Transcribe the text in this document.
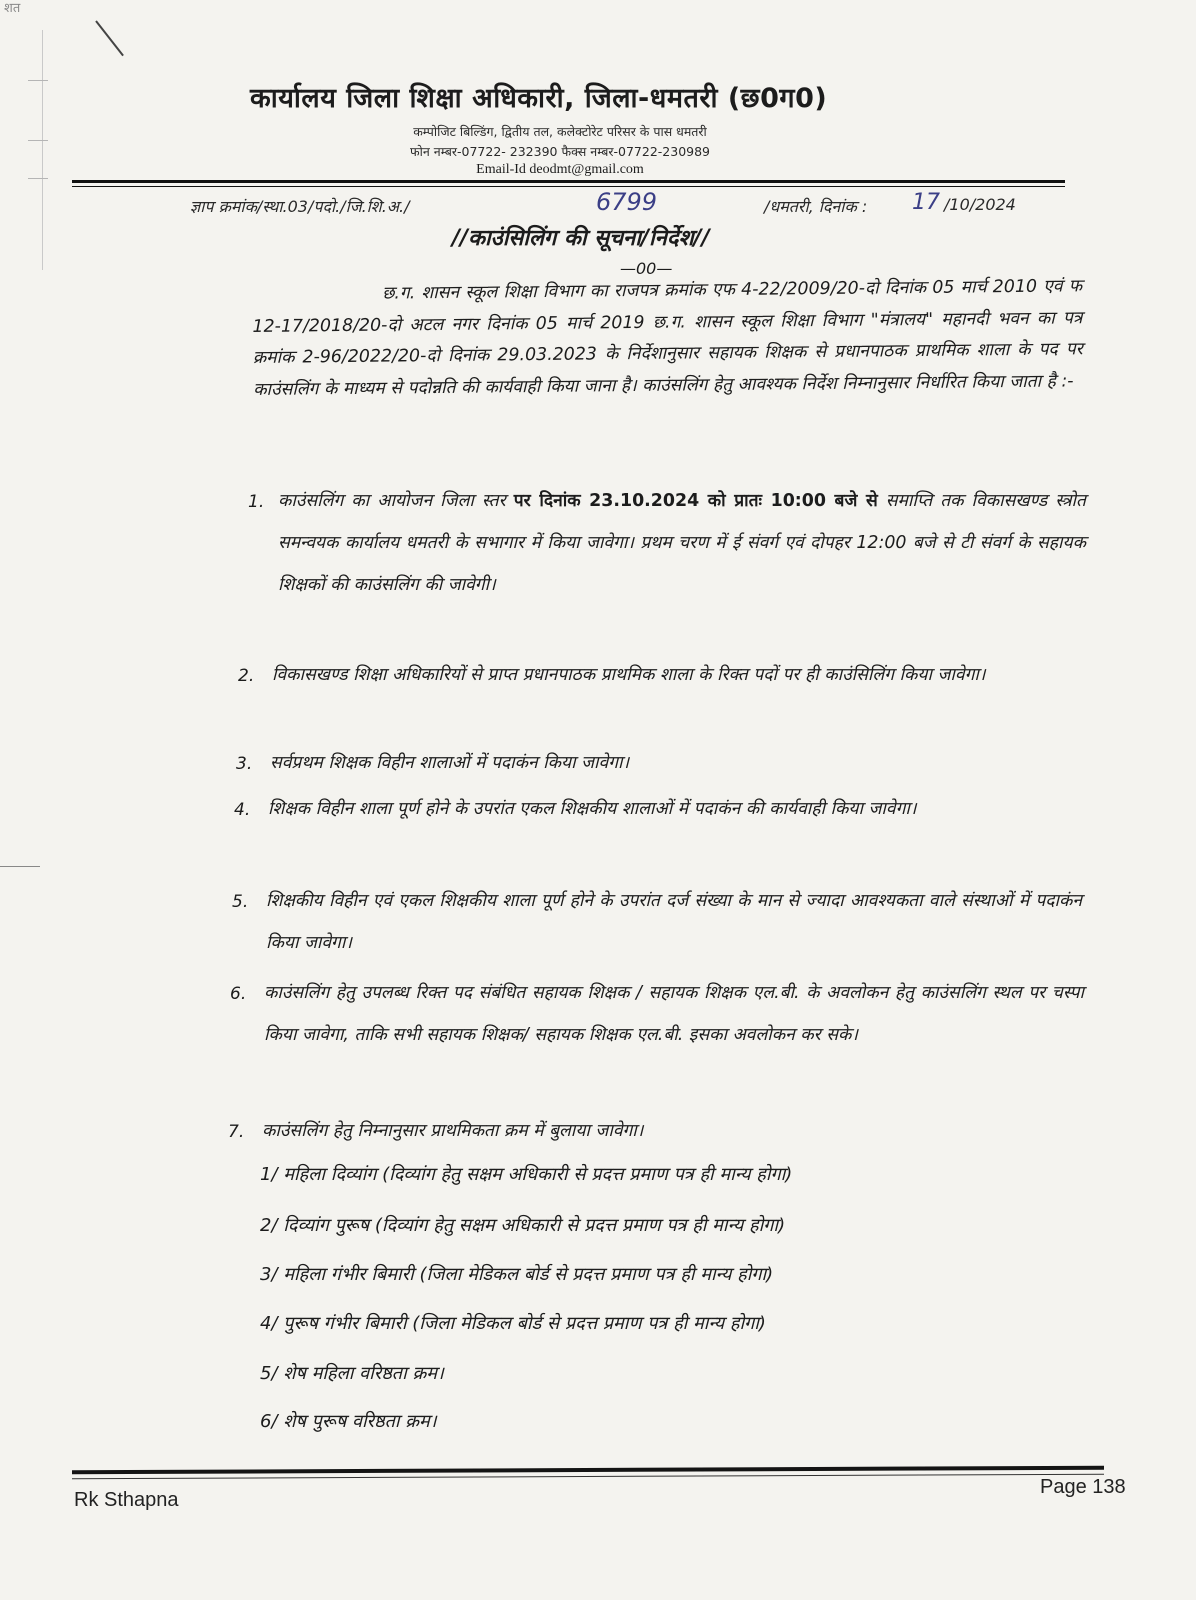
शत
कार्यालय जिला शिक्षा अधिकारी, जिला-धमतरी (छ0ग0)
कम्पोजिट बिल्डिंग, द्वितीय तल, कलेक्टोरेट परिसर के पास धमतरी
फोन नम्बर-07722- 232390 फैक्स नम्बर-07722-230989
Email-Id deodmt@gmail.com
ज्ञाप क्रमांक/स्था.03/पदो./जि.शि.अ./	6799	/धमतरी, दिनांक : 17 /10/2024
//काउंसिलिंग की सूचना/निर्देश//
—00—
छ.ग. शासन स्कूल शिक्षा विभाग का राजपत्र क्रमांक एफ 4-22/2009/20-दो दिनांक 05 मार्च 2010 एवं फ 12-17/2018/20-दो अटल नगर दिनांक 05 मार्च 2019 छ.ग. शासन स्कूल शिक्षा विभाग "मंत्रालय" महानदी भवन का पत्र क्रमांक 2-96/2022/20-दो दिनांक 29.03.2023 के निर्देशानुसार सहायक शिक्षक से प्रधानपाठक प्राथमिक शाला के पद पर काउंसलिंग के माध्यम से पदोन्नति की कार्यवाही किया जाना है। काउंसलिंग हेतु आवश्यक निर्देश निम्नानुसार निर्धारित किया जाता है :-
1. काउंसलिंग का आयोजन जिला स्तर पर दिनांक 23.10.2024 को प्रातः 10:00 बजे से समाप्ति तक विकासखण्ड स्त्रोत समन्वयक कार्यालय धमतरी के सभागार में किया जावेगा। प्रथम चरण में ई संवर्ग एवं दोपहर 12:00 बजे से टी संवर्ग के सहायक शिक्षकों की काउंसलिंग की जावेगी।
2. विकासखण्ड शिक्षा अधिकारियों से प्राप्त प्रधानपाठक प्राथमिक शाला के रिक्त पदों पर ही काउंसिलिंग किया जावेगा।
3. सर्वप्रथम शिक्षक विहीन शालाओं में पदाकंन किया जावेगा।
4. शिक्षक विहीन शाला पूर्ण होने के उपरांत एकल शिक्षकीय शालाओं में पदाकंन की कार्यवाही किया जावेगा।
5. शिक्षकीय विहीन एवं एकल शिक्षकीय शाला पूर्ण होने के उपरांत दर्ज संख्या के मान से ज्यादा आवश्यकता वाले संस्थाओं में पदाकंन किया जावेगा।
6. काउंसलिंग हेतु उपलब्ध रिक्त पद संबंधित सहायक शिक्षक / सहायक शिक्षक एल.बी. के अवलोकन हेतु काउंसलिंग स्थल पर चस्पा किया जावेगा, ताकि सभी सहायक शिक्षक/ सहायक शिक्षक एल.बी. इसका अवलोकन कर सके।
7. काउंसलिंग हेतु निम्नानुसार प्राथमिकता क्रम में बुलाया जावेगा।
1/ महिला दिव्यांग (दिव्यांग हेतु सक्षम अधिकारी से प्रदत्त प्रमाण पत्र ही मान्य होगा)
2/ दिव्यांग पुरूष (दिव्यांग हेतु सक्षम अधिकारी से प्रदत्त प्रमाण पत्र ही मान्य होगा)
3/ महिला गंभीर बिमारी (जिला मेडिकल बोर्ड से प्रदत्त प्रमाण पत्र ही मान्य होगा)
4/ पुरूष गंभीर बिमारी (जिला मेडिकल बोर्ड से प्रदत्त प्रमाण पत्र ही मान्य होगा)
5/ शेष महिला वरिष्ठता क्रम।
6/ शेष पुरूष वरिष्ठता क्रम।
Rk Sthapna
Page 138
